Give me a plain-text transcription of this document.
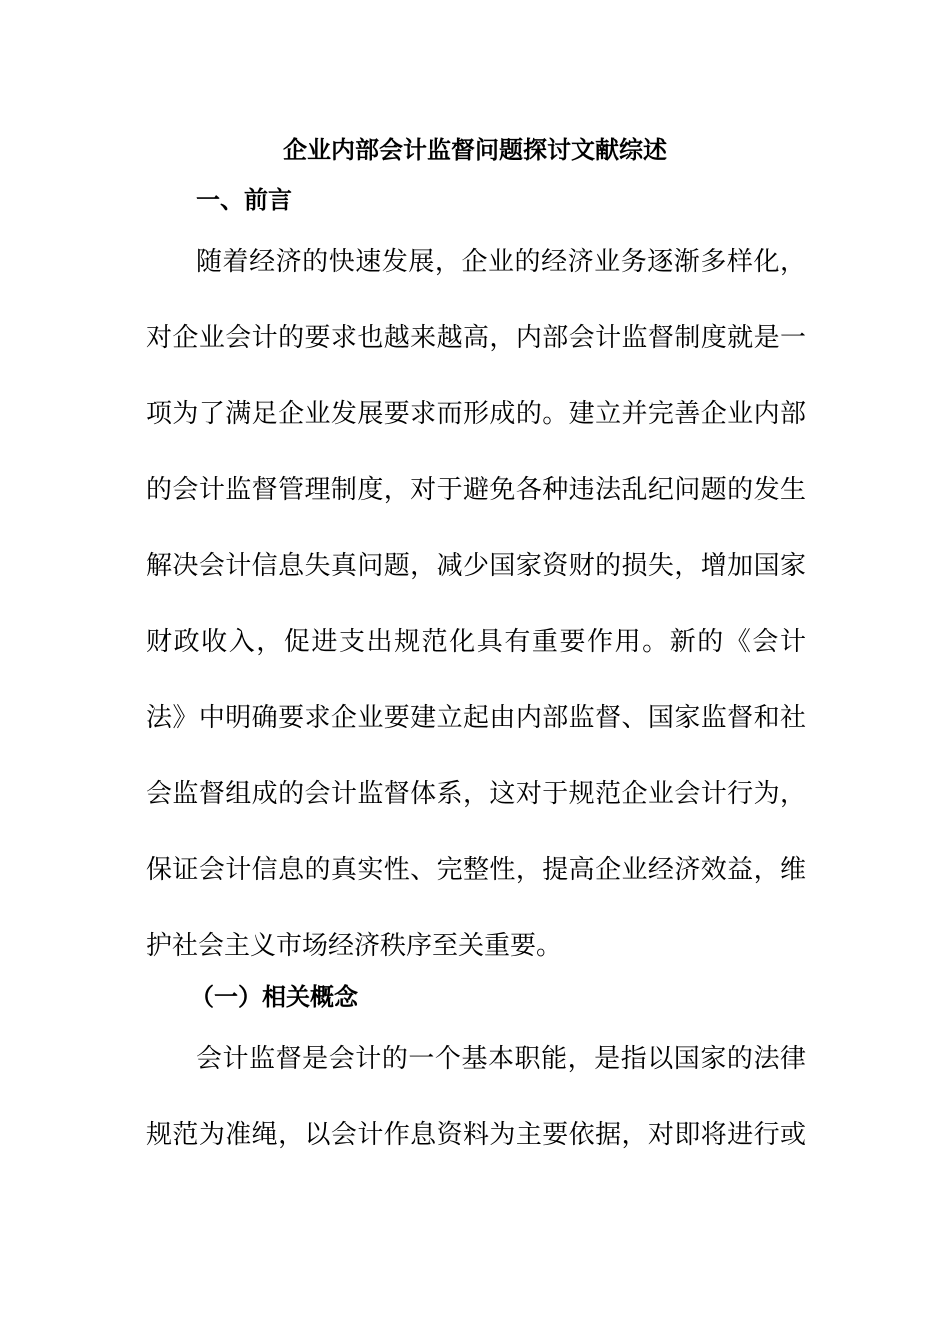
企业内部会计监督问题探讨文献综述
一、前言
随着经济的快速发展，企业的经济业务逐渐多样化，
对企业会计的要求也越来越高，内部会计监督制度就是一
项为了满足企业发展要求而形成的。建立并完善企业内部
的会计监督管理制度，对于避免各种违法乱纪问题的发生
解决会计信息失真问题，减少国家资财的损失，增加国家
财政收入，促进支出规范化具有重要作用。新的《会计
法》中明确要求企业要建立起由内部监督、国家监督和社
会监督组成的会计监督体系，这对于规范企业会计行为，
保证会计信息的真实性、完整性，提高企业经济效益，维
护社会主义市场经济秩序至关重要。
（一）相关概念
会计监督是会计的一个基本职能，是指以国家的法律
规范为准绳，以会计作息资料为主要依据，对即将进行或
